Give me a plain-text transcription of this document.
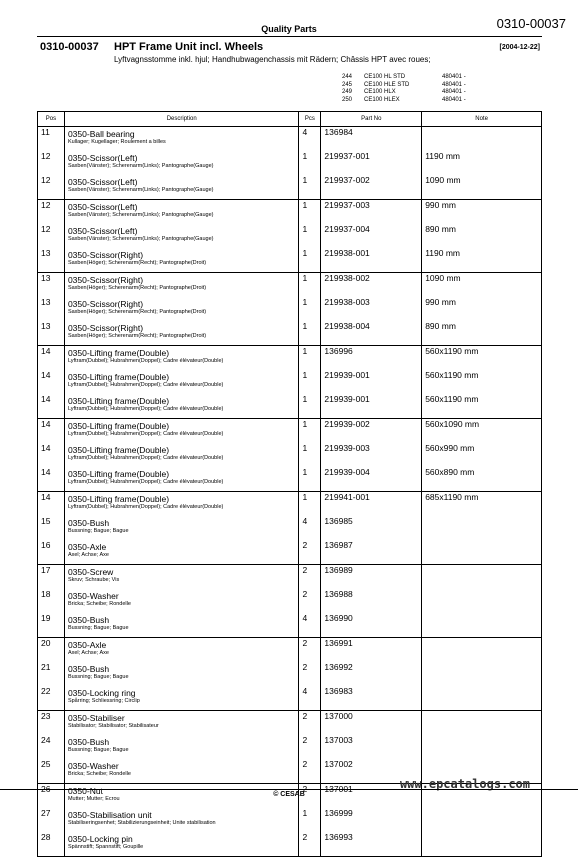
Quality Parts	0310-00037
0310-00037 HPT Frame Unit incl. Wheels	[2004-12-22]
Lyftvagnsstomme inkl. hjul; Handhubwagenchassis mit Rädern; Châssis HPT avec roues;
244	CE100 HL STD	480401 -
245	CE100 HLE STD	480401 -
249	CE100 HLX	480401 -
250	CE100 HLEX	480401 -
Pos	Description	Pcs	Part No	Note
11	0350-Ball bearing
Kullager; Kugellager; Roulement a billes	4	136984	
12	0350-Scissor(Left)
Saxben(Vänster); Scherenarm(Links); Pantographe(Gauge)	1	219937-001	1190 mm
12	0350-Scissor(Left)
Saxben(Vänster); Scherenarm(Links); Pantographe(Gauge)	1	219937-002	1090 mm
12	0350-Scissor(Left)
Saxben(Vänster); Scherenarm(Links); Pantographe(Gauge)	1	219937-003	990 mm
12	0350-Scissor(Left)
Saxben(Vänster); Scherenarm(Links); Pantographe(Gauge)	1	219937-004	890 mm
13	0350-Scissor(Right)
Saxben(Höger); Scherenarm(Recht); Pantographe(Droit)	1	219938-001	1190 mm
13	0350-Scissor(Right)
Saxben(Höger); Scherenarm(Recht); Pantographe(Droit)	1	219938-002	1090 mm
13	0350-Scissor(Right)
Saxben(Höger); Scherenarm(Recht); Pantographe(Droit)	1	219938-003	990 mm
13	0350-Scissor(Right)
Saxben(Höger); Scherenarm(Recht); Pantographe(Droit)	1	219938-004	890 mm
14	0350-Lifting frame(Double)
Lyftram(Dubbel); Hubrahmen(Doppel); Cadre élévateur(Double)	1	136996	560x1190 mm
14	0350-Lifting frame(Double)
Lyftram(Dubbel); Hubrahmen(Doppel); Cadre élévateur(Double)	1	219939-001	560x1190 mm
14	0350-Lifting frame(Double)
Lyftram(Dubbel); Hubrahmen(Doppel); Cadre élévateur(Double)	1	219939-001	560x1190 mm
14	0350-Lifting frame(Double)
Lyftram(Dubbel); Hubrahmen(Doppel); Cadre élévateur(Double)	1	219939-002	560x1090 mm
14	0350-Lifting frame(Double)
Lyftram(Dubbel); Hubrahmen(Doppel); Cadre élévateur(Double)	1	219939-003	560x990 mm
14	0350-Lifting frame(Double)
Lyftram(Dubbel); Hubrahmen(Doppel); Cadre élévateur(Double)	1	219939-004	560x890 mm
14	0350-Lifting frame(Double)
Lyftram(Dubbel); Hubrahmen(Doppel); Cadre élévateur(Double)	1	219941-001	685x1190 mm
15	0350-Bush
Bussning; Bague; Bague	4	136985	
16	0350-Axle
Axel; Achse; Axe	2	136987	
17	0350-Screw
Skruv; Schraube; Vis	2	136989	
18	0350-Washer
Bricka; Scheibe; Rondelle	2	136988	
19	0350-Bush
Bussning; Bague; Bague	4	136990	
20	0350-Axle
Axel; Achse; Axe	2	136991	
21	0350-Bush
Bussning; Bague; Bague	2	136992	
22	0350-Locking ring
Spårring; Schliessring; Circlip	4	136983	
23	0350-Stabiliser
Stabilisator; Stabilisator; Stabilisateur	2	137000	
24	0350-Bush
Bussning; Bague; Bague	2	137003	
25	0350-Washer
Bricka; Scheibe; Rondelle	2	137002	
26	0350-Nut
Mutter; Mutter; Ecrou	2	137001	
27	0350-Stabilisation unit
Stabiliseringsenhet; Stabilizierungseinheit; Unite stabilisation	1	136999	
28	0350-Locking pin
Spännstift; Spannstift; Goupille	2	136993	
www.epcatalogs.com
© CESAB
